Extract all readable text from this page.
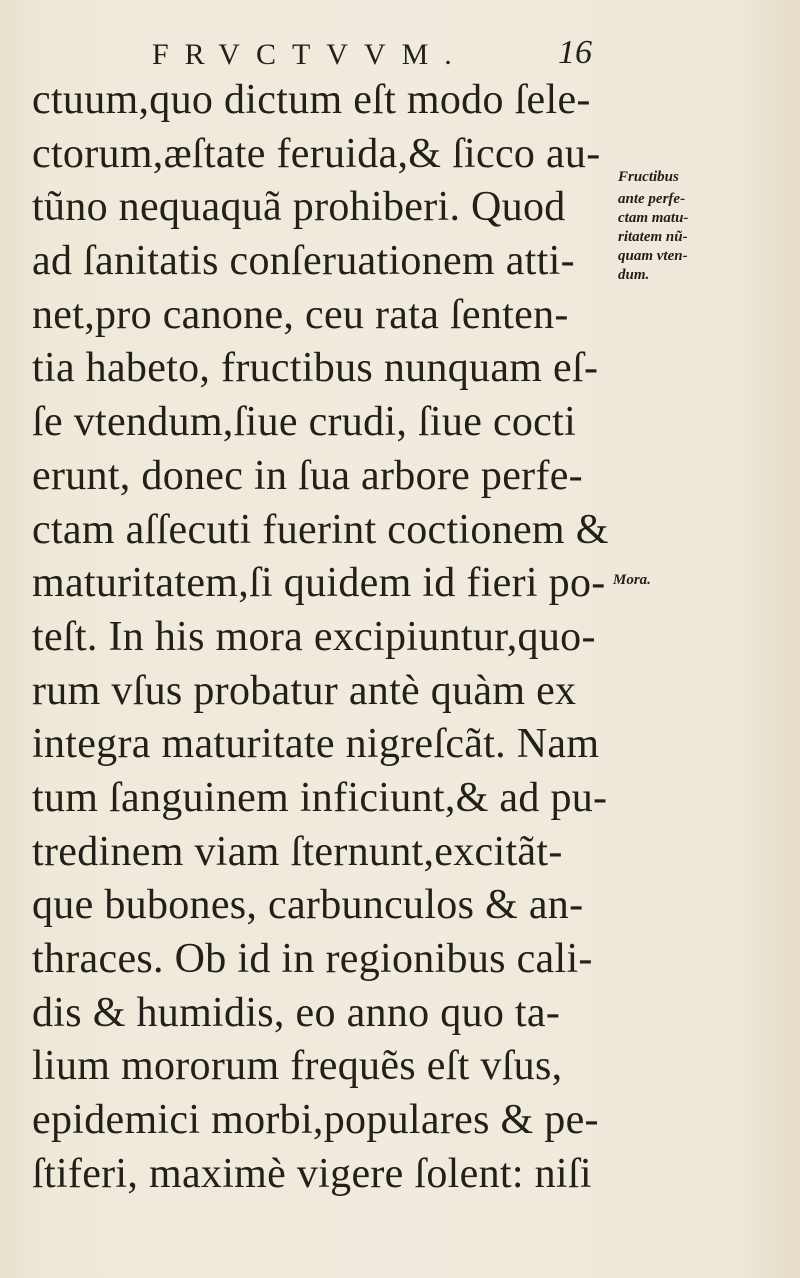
FRVCTVVM.	16
ctuum,quo dictum eſt modo ſele-
ctorum,æſtate feruida,& ſicco au-
tũno nequaquã prohiberi. Quod
ad ſanitatis conſeruationem atti-
net,pro canone, ceu rata ſenten-
tia habeto, fructibus nunquam eſ-
ſe vtendum,ſiue crudi, ſiue cocti
erunt, donec in ſua arbore perfe-
ctam aſſecuti fuerint coctionem &
maturitatem,ſi quidem id fieri po-
teſt. In his mora excipiuntur,quo-
rum vſus probatur antè quàm ex
integra maturitate nigreſcãt. Nam
tum ſanguinem inficiunt,& ad pu-
tredinem viam ſternunt,excitãt-
que bubones, carbunculos & an-
thraces. Ob id in regionibus cali-
dis & humidis, eo anno quo ta-
lium mororum frequẽs eſt vſus,
epidemici morbi,populares & pe-
ſtiferi, maximè vigere ſolent: niſi
Fructibus
ante perfe-
ctam matu-
ritatem nũ-
quam vten-
dum.
Mora.
